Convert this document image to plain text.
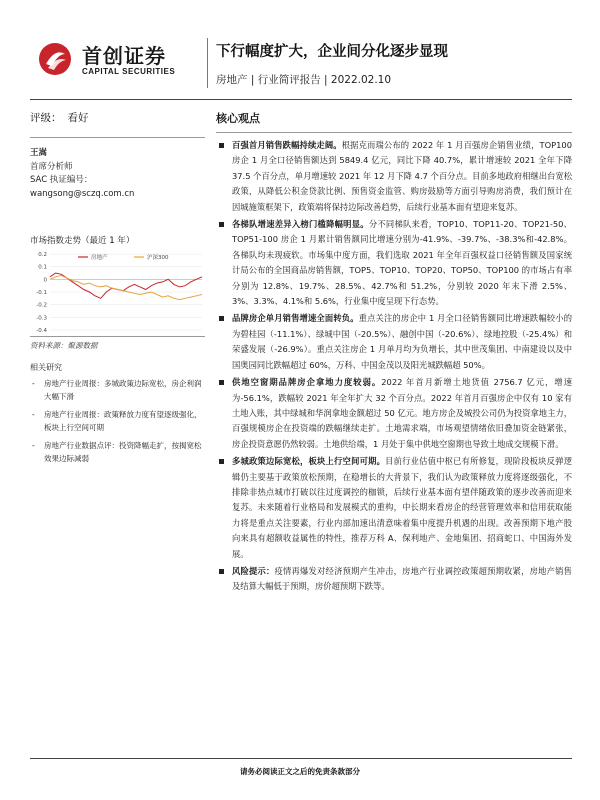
首创证券
CAPITAL SECURITIES
下行幅度扩大，企业间分化逐步显现
房地产 | 行业简评报告 | 2022.02.10
评级： 看好
王嵩
首席分析师
SAC 执证编号：
wangsong@sczq.com.cn
市场指数走势（最近 1 年）
0.2
0.1
0
-0.1
-0.2
-0.3
-0.4
房地产	沪深300
资料来源：聚源数据
相关研究
- 房地产行业周报：多城政策边际宽松，房企利润大幅下滑
- 房地产行业周报：政策释放力度有望逐级强化，板块上行空间可期
- 房地产行业数据点评：投资降幅走扩，按揭宽松效果边际减弱
核心观点
百强首月销售跌幅持续走阔。根据克而瑞公布的 2022 年 1 月百强房企销售业绩，TOP100 房企 1 月全口径销售额达到 5849.4 亿元，同比下降 40.7%，累计增速较 2021 全年下降 37.5 个百分点，单月增速较 2021 年 12 月下降 4.7 个百分点。目前多地政府相继出台宽松政策，从降低公积金贷款比例、预售资金监管、购房鼓励等方面引导购房消费，我们预计在因城施策框架下，政策端将保持边际改善趋势，后续行业基本面有望迎来复苏。
各梯队增速差异入榜门槛降幅明显。分不同梯队来看，TOP10、TOP11-20、TOP21-50、TOP51-100 房企 1 月累计销售额同比增速分别为-41.9%、-39.7%、-38.3%和-42.8%。各梯队均未现疲软。市场集中度方面，我们选取 2021 年全年百强权益口径销售额及国家统计局公布的全国商品房销售额，TOP5、TOP10、TOP20、TOP50、TOP100 的市场占有率分别为 12.8%、19.7%、28.5%、42.7%和 51.2%，分别较 2020 年末下滑 2.5%、3%、3.3%、4.1%和 5.6%，行业集中度呈现下行态势。
品牌房企单月销售增速全面转负。重点关注的房企中 1 月全口径销售额同比增速跌幅较小的为碧桂园（-11.1%）、绿城中国（-20.5%）、融创中国（-20.6%）、绿地控股（-25.4%）和荣盛发展（-26.9%）。重点关注房企 1 月单月均为负增长，其中世茂集团、中南建设以及中国奥园同比跌幅超过 60%，万科、中国金茂以及阳光城跌幅超 50%。
供地空窗期品牌房企拿地力度较弱。2022 年首月新增土地货值 2756.7 亿元，增速为-56.1%，跌幅较 2021 年全年扩大 32 个百分点。2022 年首月百强房企中仅有 10 家有土地入账，其中绿城和华润拿地金额超过 50 亿元。地方房企及城投公司仍为投资拿地主力，百强规模房企在投资端的跌幅继续走扩。土地需求端，市场观望情绪依旧叠加资金链紧张，房企投资意愿仍然较弱。土地供给端，1 月处于集中供地空窗期也导致土地成交规模下滑。
多城政策边际宽松，板块上行空间可期。目前行业估值中枢已有所修复，现阶段板块反弹逻辑仍主要基于政策放松预期，在稳增长的大背景下，我们认为政策释放力度将逐级强化，不排除非热点城市打破以往过度调控的枷锁，后续行业基本面有望伴随政策的逐步改善而迎来复苏。未来随着行业格局和发展模式的重构，中长期来看房企的经营管理效率和信用获取能力将是重点关注要素，行业内部加速出清意味着集中度提升机遇的出现。改善预期下地产股向来具有超额收益属性的特性，推荐万科 A、保利地产、金地集团、招商蛇口、中国海外发展。
风险提示：疫情再爆发对经济预期产生冲击，房地产行业调控政策超预期收紧，房地产销售及结算大幅低于预期，房价超预期下跌等。
请务必阅读正文之后的免责条款部分
